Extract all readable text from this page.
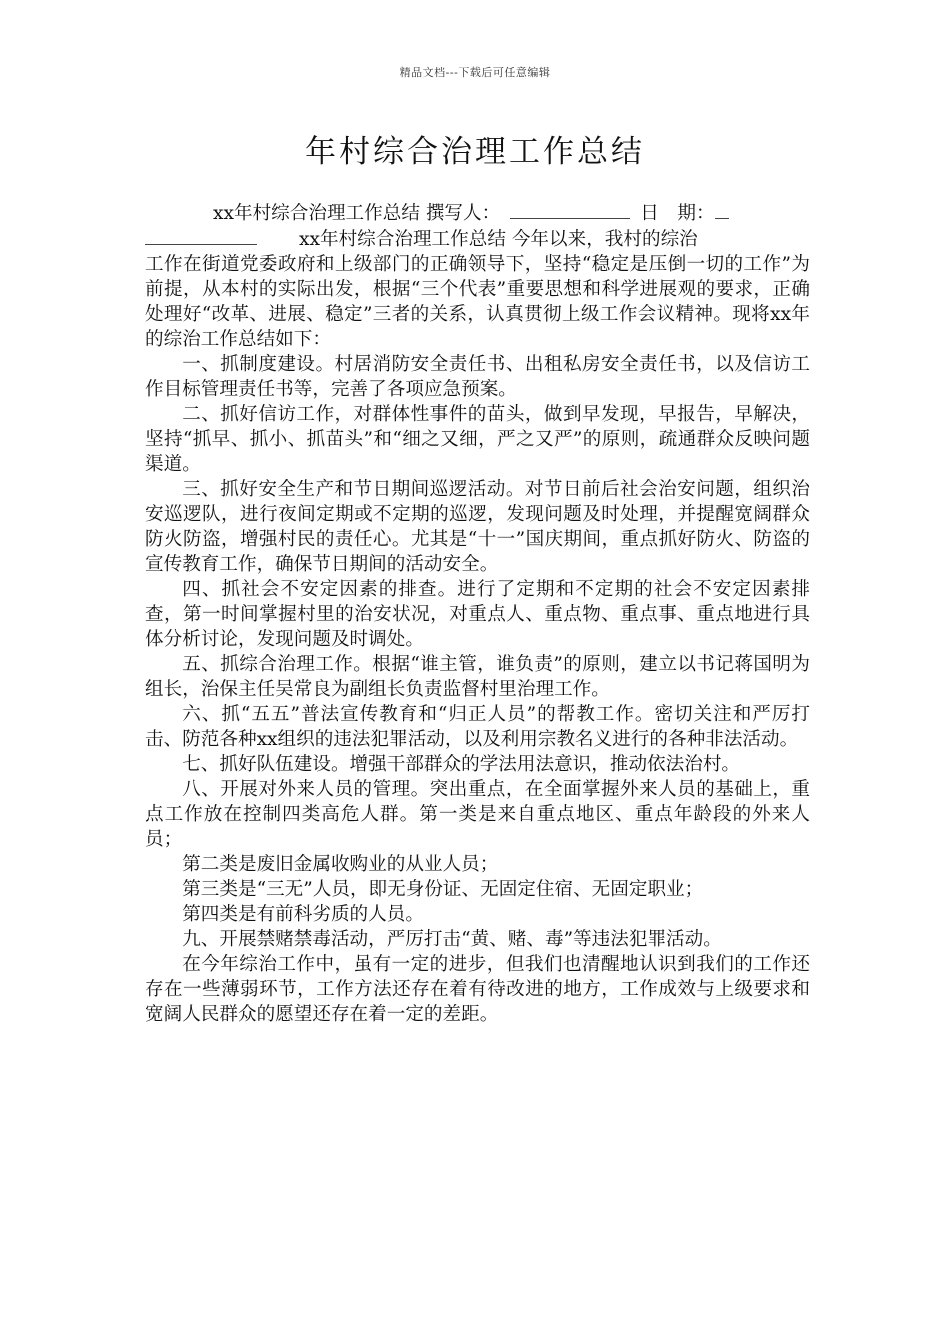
精品文档---下载后可任意编辑
年村综合治理工作总结
xx年村综合治理工作总结 撰写人：	日　期：
xx年村综合治理工作总结 今年以来，我村的综治

工作在街道党委政府和上级部门的正确领导下，坚持“稳定是压倒一切的工作”为前提，从本村的实际出发，根据“三个代表”重要思想和科学进展观的要求，正确处理好“改革、进展、稳定”三者的关系，认真贯彻上级工作会议精神。现将xx年的综治工作总结如下：

一、抓制度建设。村居消防安全责任书、出租私房安全责任书，以及信访工作目标管理责任书等，完善了各项应急预案。

二、抓好信访工作，对群体性事件的苗头，做到早发现，早报告，早解决，坚持“抓早、抓小、抓苗头”和“细之又细，严之又严”的原则，疏通群众反映问题渠道。

三、抓好安全生产和节日期间巡逻活动。对节日前后社会治安问题，组织治安巡逻队，进行夜间定期或不定期的巡逻，发现问题及时处理，并提醒宽阔群众防火防盗，增强村民的责任心。尤其是“十一”国庆期间，重点抓好防火、防盗的宣传教育工作，确保节日期间的活动安全。

四、抓社会不安定因素的排查。进行了定期和不定期的社会不安定因素排查，第一时间掌握村里的治安状况，对重点人、重点物、重点事、重点地进行具体分析讨论，发现问题及时调处。

五、抓综合治理工作。根据“谁主管，谁负责”的原则，建立以书记蒋国明为组长，治保主任吴常良为副组长负责监督村里治理工作。

六、抓“五五”普法宣传教育和“归正人员”的帮教工作。密切关注和严厉打击、防范各种xx组织的违法犯罪活动，以及利用宗教名义进行的各种非法活动。

七、抓好队伍建设。增强干部群众的学法用法意识，推动依法治村。

八、开展对外来人员的管理。突出重点，在全面掌握外来人员的基础上，重点工作放在控制四类高危人群。第一类是来自重点地区、重点年龄段的外来人员；

第二类是废旧金属收购业的从业人员；

第三类是“三无”人员，即无身份证、无固定住宿、无固定职业；

第四类是有前科劣质的人员。

九、开展禁赌禁毒活动，严厉打击“黄、赌、毒”等违法犯罪活动。

在今年综治工作中，虽有一定的进步，但我们也清醒地认识到我们的工作还存在一些薄弱环节，工作方法还存在着有待改进的地方，工作成效与上级要求和宽阔人民群众的愿望还存在着一定的差距。
